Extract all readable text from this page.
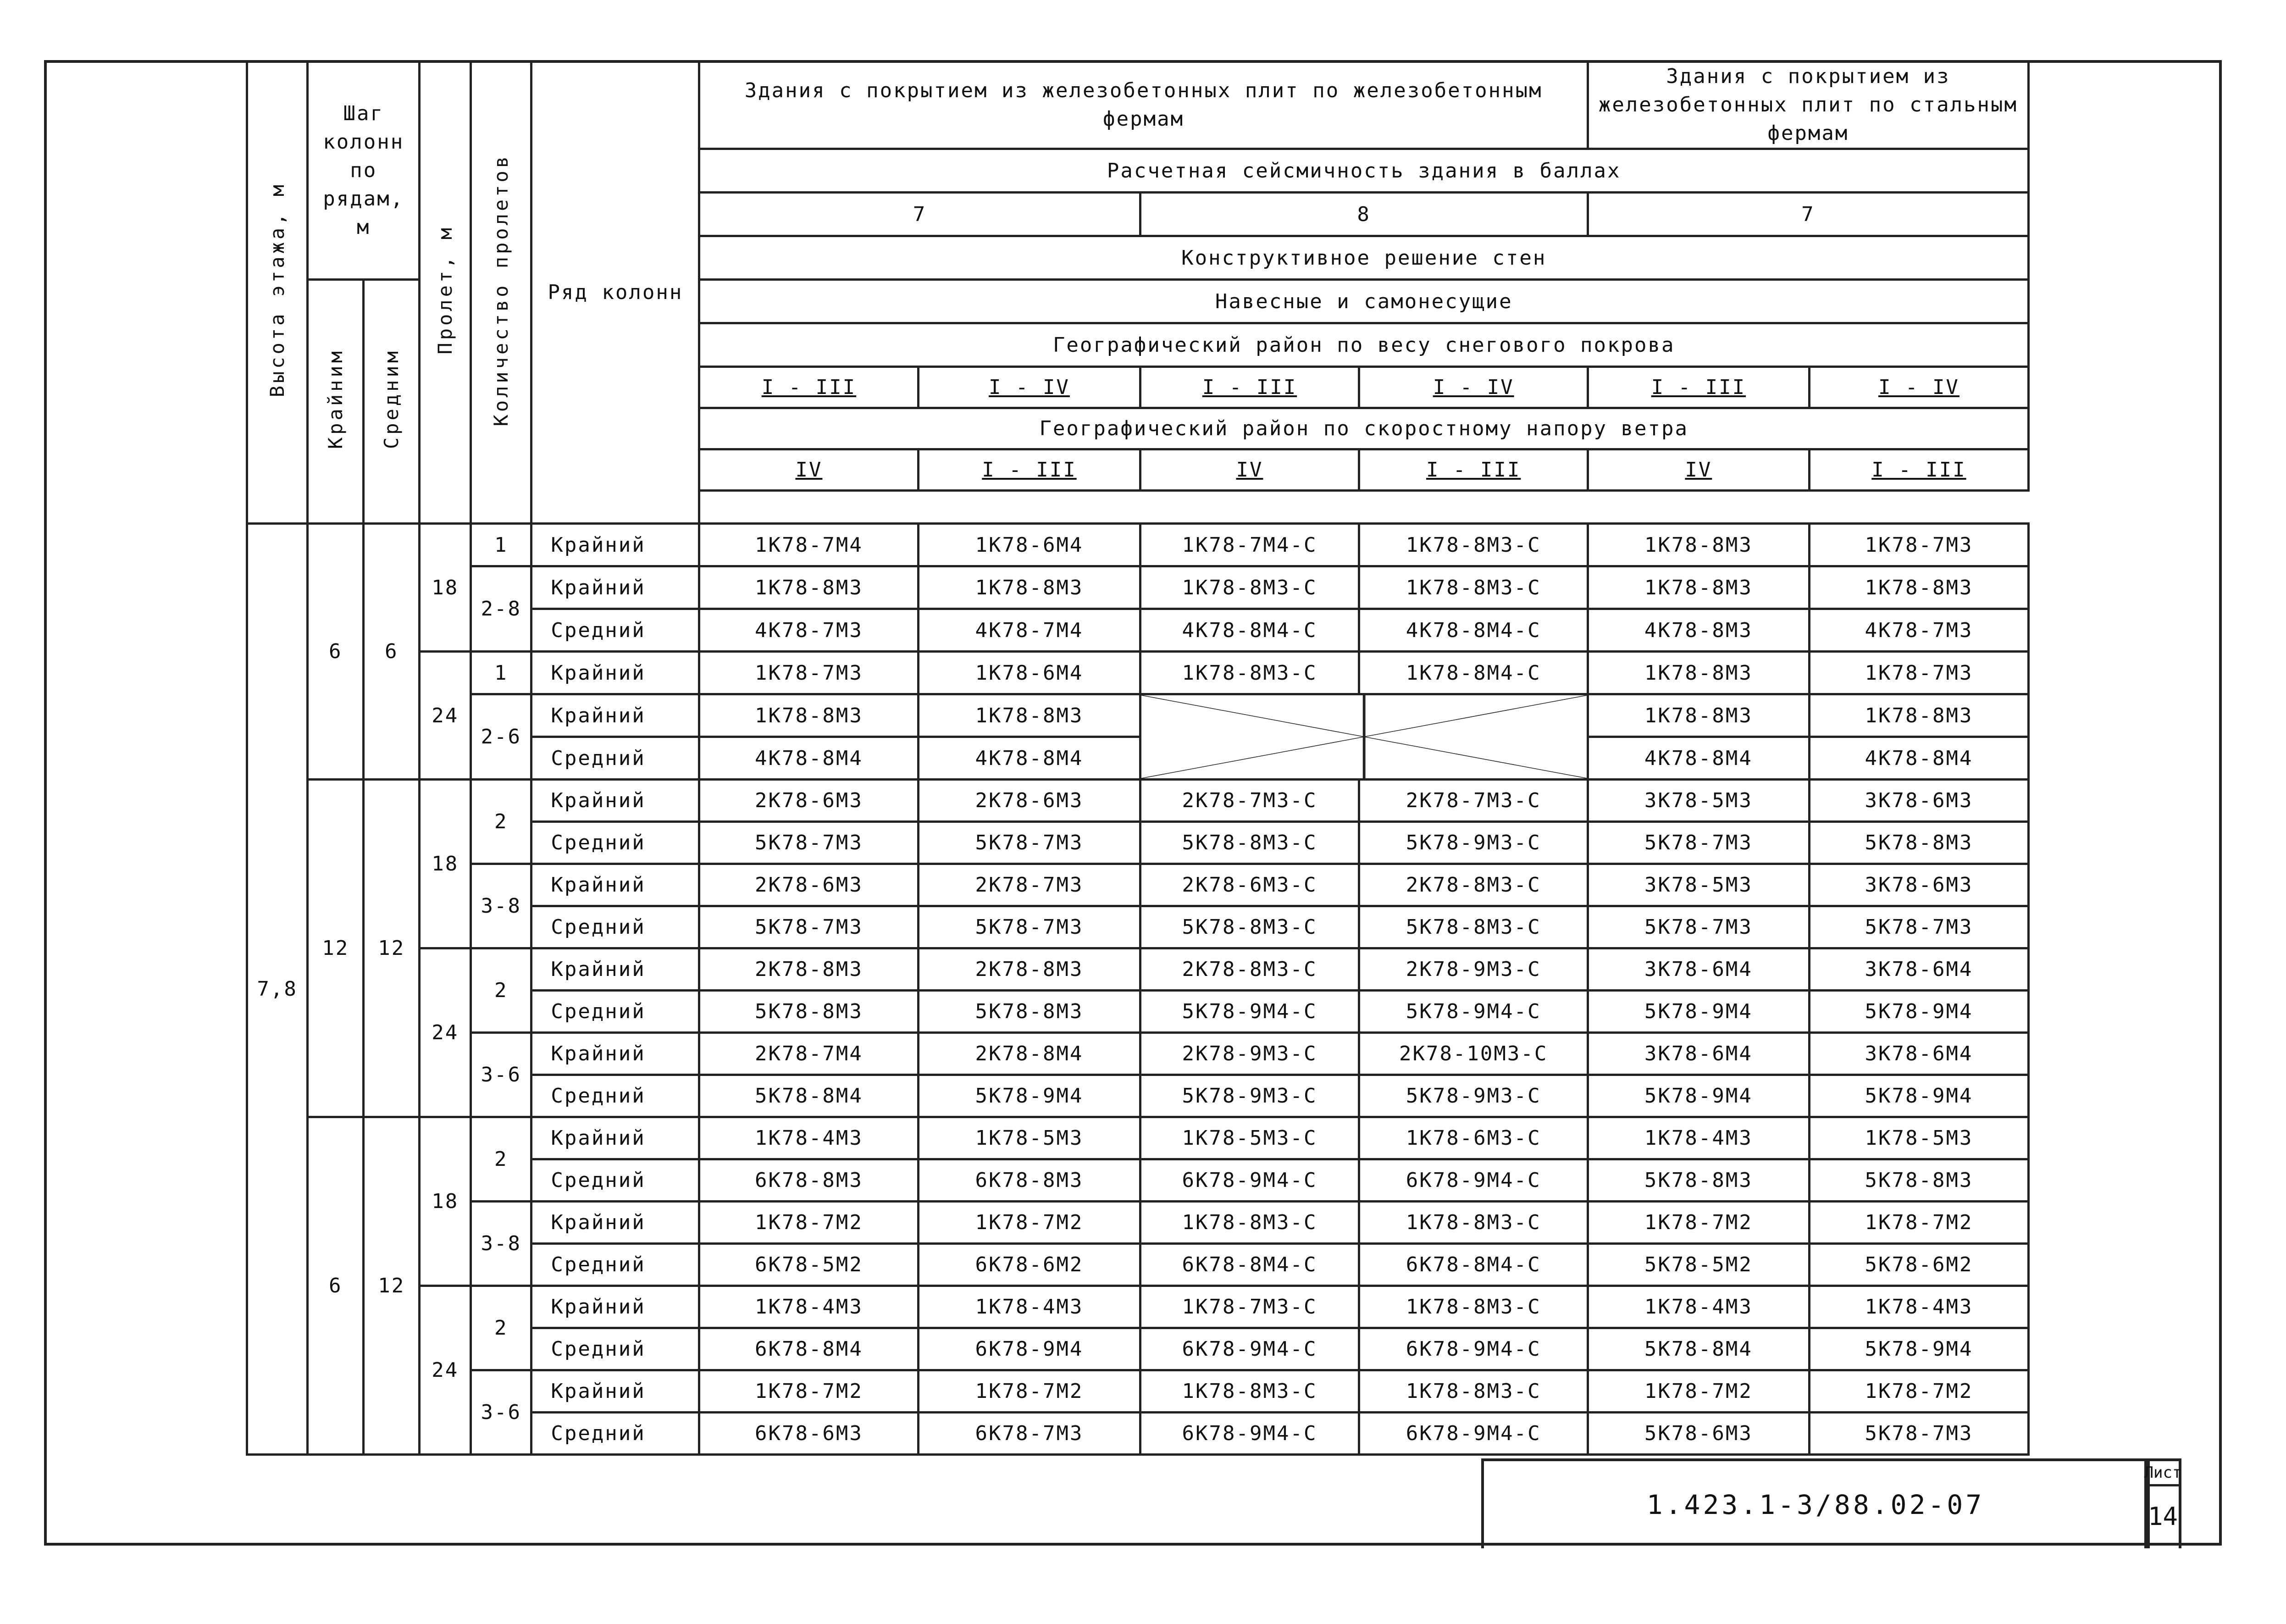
Высота этажа, м	Шаг колонн по рядам, м		Пролет, м	Количество пролетов	Ряд колонн	Здания с покрытием из железобетонных плит по железобетонным фермам				Здания с покрытием из железобетонных плит по стальным фермам	
						Расчетная сейсмичность здания в баллах					
						7		8		7	
						Конструктивное решение стен					
	Крайним	Средним				Навесные и самонесущие					
						Географический район по весу снегового покрова					
						I - III	I - IV	I - III	I - IV	I - III	I - IV
						Географический район по скоростному напору ветра					
						IV	I - III	IV	I - III	IV	I - III

7,8	6	6	18	1	Крайний	1К78-7М4	1К78-6М4	1К78-7М4-С	1К78-8М3-С	1К78-8М3	1К78-7М3
				2-8	Крайний	1К78-8М3	1К78-8М3	1К78-8М3-С	1К78-8М3-С	1К78-8М3	1К78-8М3
					Средний	4К78-7М3	4К78-7М4	4К78-8М4-С	4К78-8М4-С	4К78-8М3	4К78-7М3
			24	1	Крайний	1К78-7М3	1К78-6М4	1К78-8М3-С	1К78-8М4-С	1К78-8М3	1К78-7М3
				2-6	Крайний	1К78-8М3	1К78-8М3			1К78-8М3	1К78-8М3
					Средний	4К78-8М4	4К78-8М4			4К78-8М4	4К78-8М4
	12	12	18	2	Крайний	2К78-6М3	2К78-6М3	2К78-7М3-С	2К78-7М3-С	3К78-5М3	3К78-6М3
					Средний	5К78-7М3	5К78-7М3	5К78-8М3-С	5К78-9М3-С	5К78-7М3	5К78-8М3
				3-8	Крайний	2К78-6М3	2К78-7М3	2К78-6М3-С	2К78-8М3-С	3К78-5М3	3К78-6М3
					Средний	5К78-7М3	5К78-7М3	5К78-8М3-С	5К78-8М3-С	5К78-7М3	5К78-7М3
			24	2	Крайний	2К78-8М3	2К78-8М3	2К78-8М3-С	2К78-9М3-С	3К78-6М4	3К78-6М4
					Средний	5К78-8М3	5К78-8М3	5К78-9М4-С	5К78-9М4-С	5К78-9М4	5К78-9М4
				3-6	Крайний	2К78-7М4	2К78-8М4	2К78-9М3-С	2К78-10М3-С	3К78-6М4	3К78-6М4
					Средний	5К78-8М4	5К78-9М4	5К78-9М3-С	5К78-9М3-С	5К78-9М4	5К78-9М4
	6	12	18	2	Крайний	1К78-4М3	1К78-5М3	1К78-5М3-С	1К78-6М3-С	1К78-4М3	1К78-5М3
					Средний	6К78-8М3	6К78-8М3	6К78-9М4-С	6К78-9М4-С	5К78-8М3	5К78-8М3
				3-8	Крайний	1К78-7М2	1К78-7М2	1К78-8М3-С	1К78-8М3-С	1К78-7М2	1К78-7М2
					Средний	6К78-5М2	6К78-6М2	6К78-8М4-С	6К78-8М4-С	5К78-5М2	5К78-6М2
			24	2	Крайний	1К78-4М3	1К78-4М3	1К78-7М3-С	1К78-8М3-С	1К78-4М3	1К78-4М3
					Средний	6К78-8М4	6К78-9М4	6К78-9М4-С	6К78-9М4-С	5К78-8М4	5К78-9М4
				3-6	Крайний	1К78-7М2	1К78-7М2	1К78-8М3-С	1К78-8М3-С	1К78-7М2	1К78-7М2
					Средний	6К78-6М3	6К78-7М3	6К78-9М4-С	6К78-9М4-С	5К78-6М3	5К78-7М3
1.423.1-3/88.02-07
Лист
14
